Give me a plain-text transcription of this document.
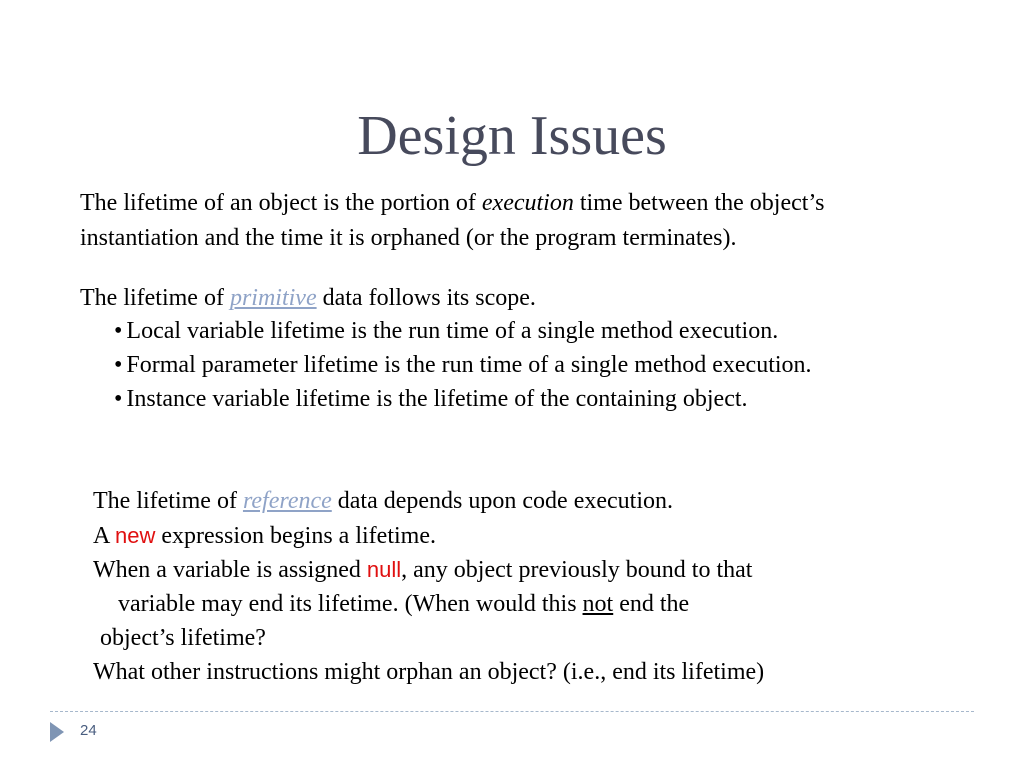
Design Issues
The lifetime of an object is the portion of execution time between the object’s
instantiation and the time it is orphaned (or the program terminates).
The lifetime of primitive data follows its scope.
• Local variable lifetime is the run time of a single method execution.
• Formal parameter lifetime is the run time of a single method execution.
• Instance variable lifetime is the lifetime of the containing object.
The lifetime of reference data depends upon code execution.
A new expression begins a lifetime.
When a variable is assigned null, any object previously bound to that
variable may end its lifetime. (When would this not end the
object’s lifetime?
What other instructions might orphan an object? (i.e., end its lifetime)
24
